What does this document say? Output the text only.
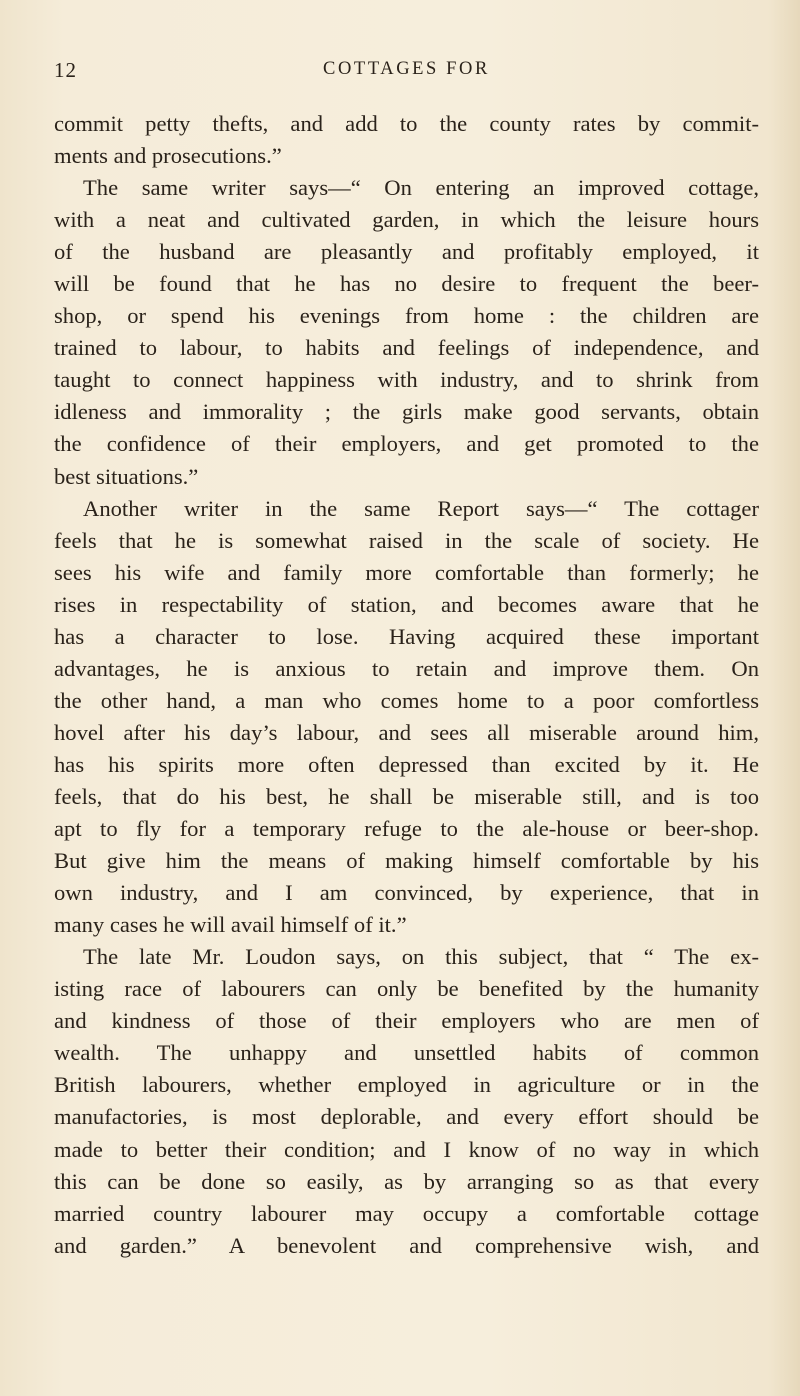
12	COTTAGES FOR
commit petty thefts, and add to the county rates by commit-
ments and prosecutions.”
The same writer says—“ On entering an improved cottage,
with a neat and cultivated garden, in which the leisure hours
of the husband are pleasantly and profitably employed, it
will be found that he has no desire to frequent the beer-
shop, or spend his evenings from home : the children are
trained to labour, to habits and feelings of independence, and
taught to connect happiness with industry, and to shrink from
idleness and immorality ; the girls make good servants, obtain
the confidence of their employers, and get promoted to the
best situations.”
Another writer in the same Report says—“ The cottager
feels that he is somewhat raised in the scale of society. He
sees his wife and family more comfortable than formerly; he
rises in respectability of station, and becomes aware that he
has a character to lose. Having acquired these important
advantages, he is anxious to retain and improve them. On
the other hand, a man who comes home to a poor comfortless
hovel after his day’s labour, and sees all miserable around him,
has his spirits more often depressed than excited by it. He
feels, that do his best, he shall be miserable still, and is too
apt to fly for a temporary refuge to the ale-house or beer-shop.
But give him the means of making himself comfortable by his
own industry, and I am convinced, by experience, that in
many cases he will avail himself of it.”
The late Mr. Loudon says, on this subject, that “ The ex-
isting race of labourers can only be benefited by the humanity
and kindness of those of their employers who are men of
wealth. The unhappy and unsettled habits of common
British labourers, whether employed in agriculture or in the
manufactories, is most deplorable, and every effort should be
made to better their condition; and I know of no way in which
this can be done so easily, as by arranging so as that every
married country labourer may occupy a comfortable cottage
and garden.” A benevolent and comprehensive wish, and
